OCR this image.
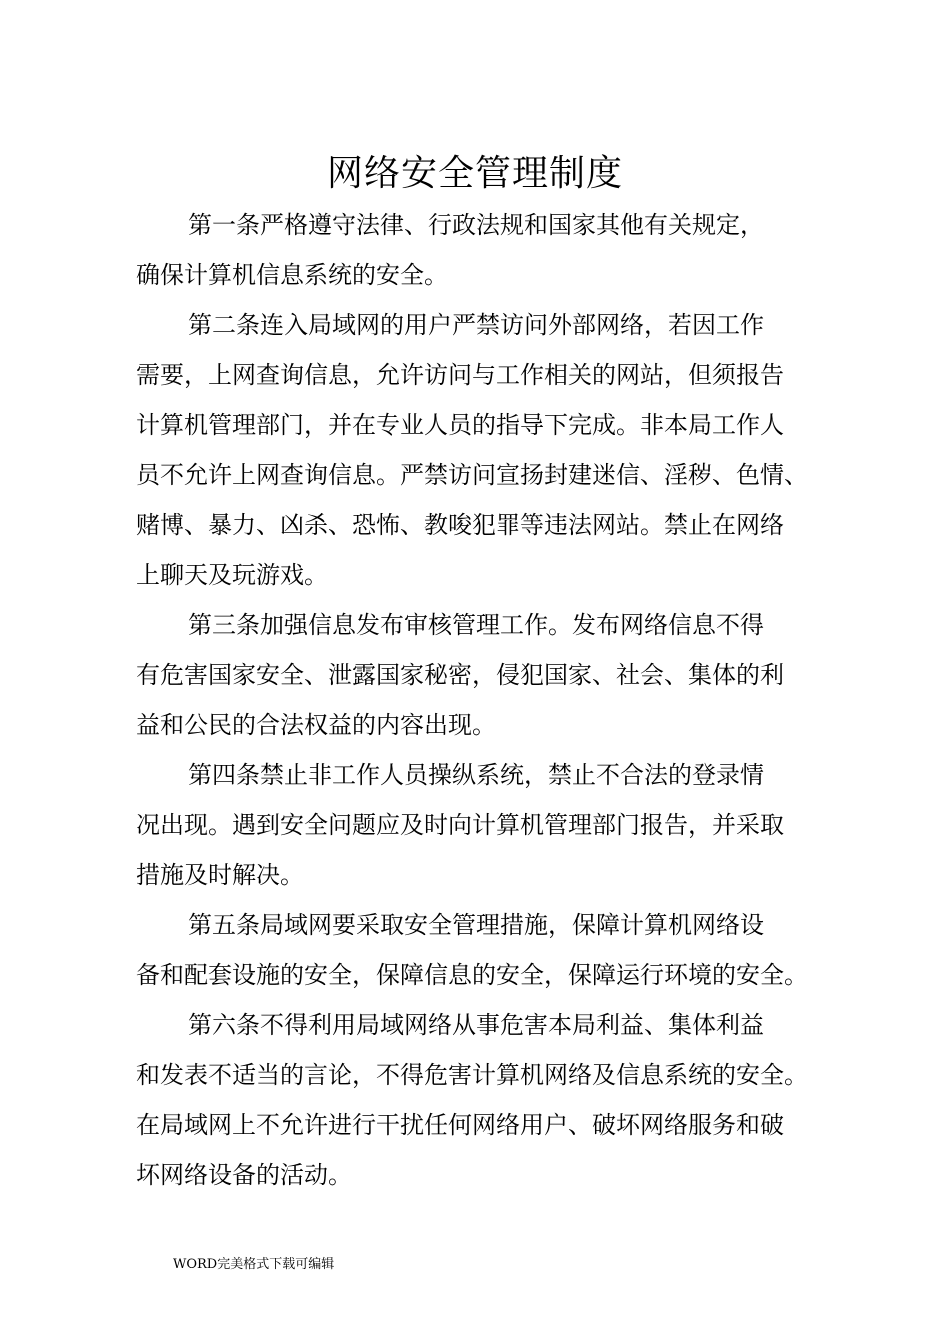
网络安全管理制度
第一条严格遵守法律、行政法规和国家其他有关规定，
确保计算机信息系统的安全。
第二条连入局域网的用户严禁访问外部网络，若因工作
需要，上网查询信息，允许访问与工作相关的网站，但须报告
计算机管理部门，并在专业人员的指导下完成。非本局工作人
员不允许上网查询信息。严禁访问宣扬封建迷信、淫秽、色情、
赌博、暴力、凶杀、恐怖、教唆犯罪等违法网站。禁止在网络
上聊天及玩游戏。
第三条加强信息发布审核管理工作。发布网络信息不得
有危害国家安全、泄露国家秘密，侵犯国家、社会、集体的利
益和公民的合法权益的内容出现。
第四条禁止非工作人员操纵系统，禁止不合法的登录情
况出现。遇到安全问题应及时向计算机管理部门报告，并采取
措施及时解决。
第五条局域网要采取安全管理措施，保障计算机网络设
备和配套设施的安全，保障信息的安全，保障运行环境的安全。
第六条不得利用局域网络从事危害本局利益、集体利益
和发表不适当的言论，不得危害计算机网络及信息系统的安全。
在局域网上不允许进行干扰任何网络用户、破坏网络服务和破
坏网络设备的活动。
WORD完美格式下载可编辑
